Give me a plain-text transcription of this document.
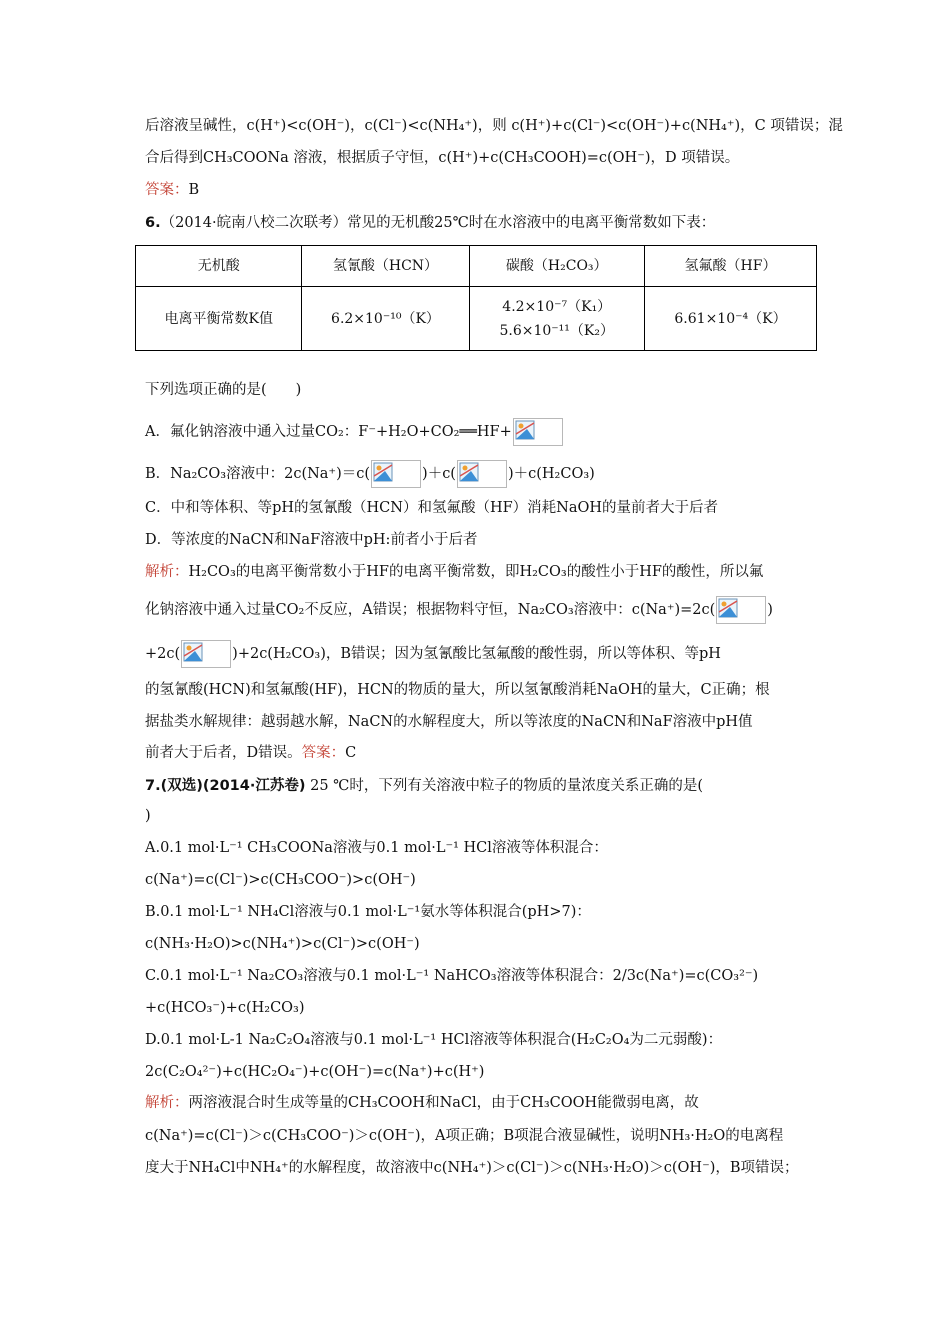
后溶液呈碱性，c(H⁺)<c(OH⁻)，c(Cl⁻)<c(NH₄⁺)，则 c(H⁺)+c(Cl⁻)<c(OH⁻)+c(NH₄⁺)，C 项错误；混
合后得到CH₃COONa 溶液，根据质子守恒，c(H⁺)+c(CH₃COOH)=c(OH⁻)，D 项错误。
答案：B
6.（2014·皖南八校二次联考）常见的无机酸25℃时在水溶液中的电离平衡常数如下表：
无机酸	氢氰酸（HCN）	碳酸（H₂CO₃）	氢氟酸（HF）
电离平衡常数K值	6.2×10⁻¹⁰（K）	4.2×10⁻⁷（K₁）
5.6×10⁻¹¹（K₂）	6.61×10⁻⁴（K）
下列选项正确的是(　　)
A．氟化钠溶液中通入过量CO₂：F⁻+H₂O+CO₂══HF+
B．Na₂CO₃溶液中：2c(Na⁺)＝c(	)＋c(	)＋c(H₂CO₃)
C．中和等体积、等pH的氢氰酸（HCN）和氢氟酸（HF）消耗NaOH的量前者大于后者
D．等浓度的NaCN和NaF溶液中pH:前者小于后者
解析：H₂CO₃的电离平衡常数小于HF的电离平衡常数，即H₂CO₃的酸性小于HF的酸性，所以氟
化钠溶液中通入过量CO₂不反应，A错误；根据物料守恒，Na₂CO₃溶液中：c(Na⁺)=2c(	)
+2c(	)+2c(H₂CO₃)，B错误；因为氢氰酸比氢氟酸的酸性弱，所以等体积、等pH
的氢氰酸(HCN)和氢氟酸(HF)，HCN的物质的量大，所以氢氰酸消耗NaOH的量大，C正确；根
据盐类水解规律：越弱越水解，NaCN的水解程度大，所以等浓度的NaCN和NaF溶液中pH值
前者大于后者，D错误。答案：C
7.(双选)(2014·江苏卷) 25 ℃时，下列有关溶液中粒子的物质的量浓度关系正确的是(
)
A.0.1 mol·L⁻¹ CH₃COONa溶液与0.1 mol·L⁻¹ HCl溶液等体积混合：
c(Na⁺)=c(Cl⁻)>c(CH₃COO⁻)>c(OH⁻)
B.0.1 mol·L⁻¹ NH₄Cl溶液与0.1 mol·L⁻¹氨水等体积混合(pH>7)：
c(NH₃·H₂O)>c(NH₄⁺)>c(Cl⁻)>c(OH⁻)
C.0.1 mol·L⁻¹ Na₂CO₃溶液与0.1 mol·L⁻¹ NaHCO₃溶液等体积混合：2/3c(Na⁺)=c(CO₃²⁻)
+c(HCO₃⁻)+c(H₂CO₃)
D.0.1 mol·L-1 Na₂C₂O₄溶液与0.1 mol·L⁻¹ HCl溶液等体积混合(H₂C₂O₄为二元弱酸)：
2c(C₂O₄²⁻)+c(HC₂O₄⁻)+c(OH⁻)=c(Na⁺)+c(H⁺)
解析：两溶液混合时生成等量的CH₃COOH和NaCl，由于CH₃COOH能微弱电离，故
c(Na⁺)=c(Cl⁻)＞c(CH₃COO⁻)＞c(OH⁻)，A项正确；B项混合液显碱性，说明NH₃·H₂O的电离程
度大于NH₄Cl中NH₄⁺的水解程度，故溶液中c(NH₄⁺)＞c(Cl⁻)＞c(NH₃·H₂O)＞c(OH⁻)，B项错误；
